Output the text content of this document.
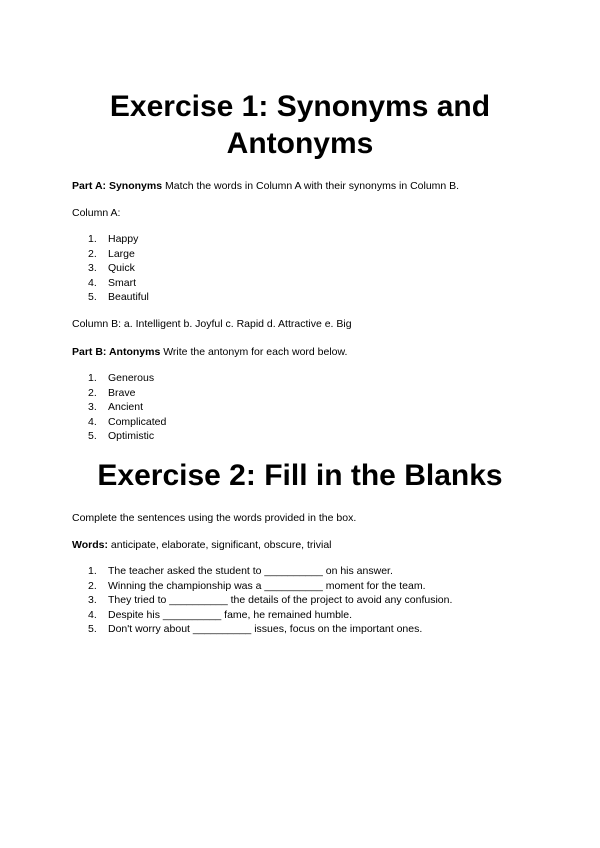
Exercise 1: Synonyms and Antonyms
Part A: Synonyms Match the words in Column A with their synonyms in Column B.
Column A:
1. Happy
2. Large
3. Quick
4. Smart
5. Beautiful
Column B: a. Intelligent b. Joyful c. Rapid d. Attractive e. Big
Part B: Antonyms Write the antonym for each word below.
1. Generous
2. Brave
3. Ancient
4. Complicated
5. Optimistic
Exercise 2: Fill in the Blanks
Complete the sentences using the words provided in the box.
Words: anticipate, elaborate, significant, obscure, trivial
1. The teacher asked the student to __________ on his answer.
2. Winning the championship was a __________ moment for the team.
3. They tried to __________ the details of the project to avoid any confusion.
4. Despite his __________ fame, he remained humble.
5. Don't worry about __________ issues, focus on the important ones.
